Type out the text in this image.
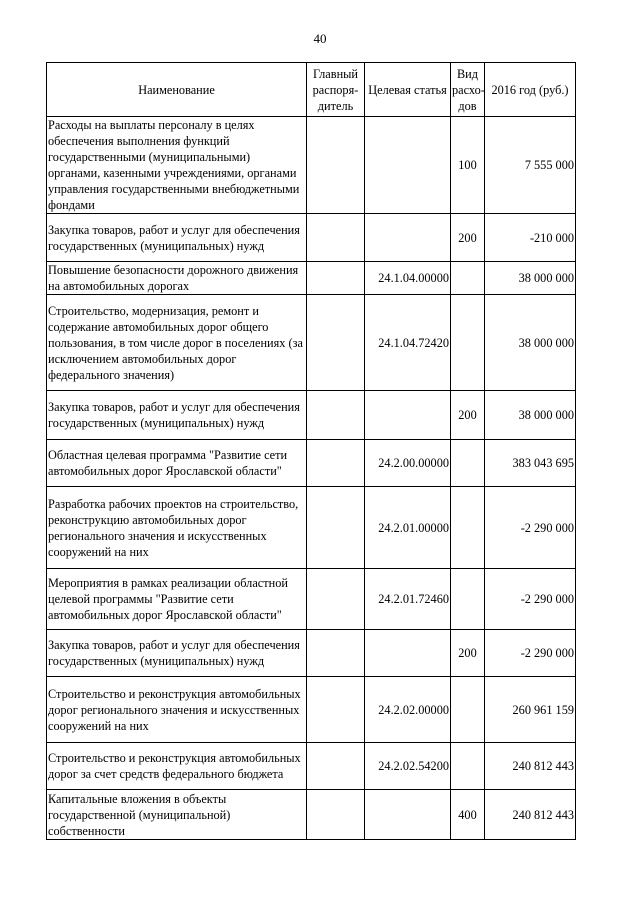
40
Наименование	Главный распоря-дитель	Целевая статья	Вид расхо-дов	2016 год (руб.)
Расходы на выплаты персоналу в целях обеспечения выполнения функций государственными (муниципальными) органами, казенными учреждениями, органами управления государственными внебюджетными фондами			100	7 555 000
Закупка товаров, работ и услуг для обеспечения государственных (муниципальных) нужд			200	-210 000
Повышение безопасности дорожного движения на автомобильных дорогах		24.1.04.00000		38 000 000
Строительство, модернизация, ремонт и содержание автомобильных дорог общего пользования, в том числе дорог в поселениях (за исключением автомобильных дорог федерального значения)		24.1.04.72420		38 000 000
Закупка товаров, работ и услуг для обеспечения государственных (муниципальных) нужд			200	38 000 000
Областная целевая программа "Развитие сети автомобильных дорог Ярославской области"		24.2.00.00000		383 043 695
Разработка рабочих проектов на строительство, реконструкцию автомобильных дорог регионального значения и искусственных сооружений на них		24.2.01.00000		-2 290 000
Мероприятия в рамках реализации областной целевой программы "Развитие сети автомобильных дорог Ярославской области"		24.2.01.72460		-2 290 000
Закупка товаров, работ и услуг для обеспечения государственных (муниципальных) нужд			200	-2 290 000
Строительство и реконструкция автомобильных дорог регионального значения и искусственных сооружений на них		24.2.02.00000		260 961 159
Строительство и реконструкция автомобильных дорог за счет средств федерального бюджета		24.2.02.54200		240 812 443
Капитальные вложения в объекты государственной (муниципальной) собственности			400	240 812 443
